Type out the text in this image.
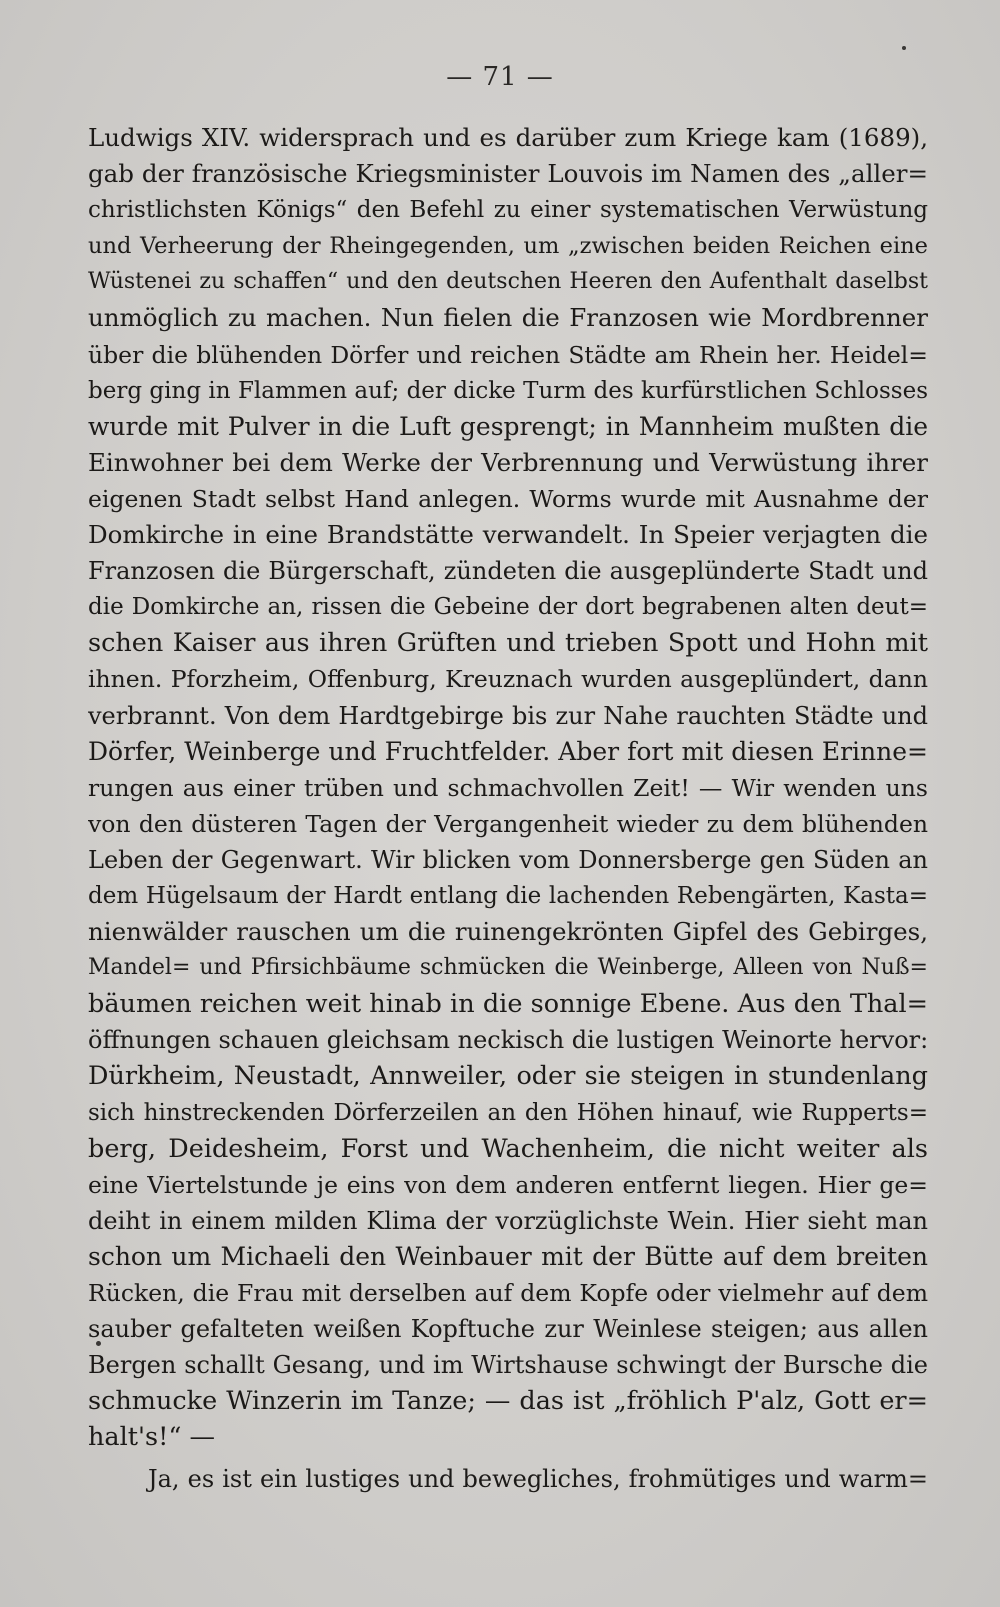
— 71 —
Ludwigs XIV. widersprach und es darüber zum Kriege kam (1689),
gab der französische Kriegsminister Louvois im Namen des „aller=
christlichsten Königs“ den Befehl zu einer systematischen Verwüstung
und Verheerung der Rheingegenden, um „zwischen beiden Reichen eine
Wüstenei zu schaffen“ und den deutschen Heeren den Aufenthalt daselbst
unmöglich zu machen. Nun fielen die Franzosen wie Mordbrenner
über die blühenden Dörfer und reichen Städte am Rhein her. Heidel=
berg ging in Flammen auf; der dicke Turm des kurfürstlichen Schlosses
wurde mit Pulver in die Luft gesprengt; in Mannheim mußten die
Einwohner bei dem Werke der Verbrennung und Verwüstung ihrer
eigenen Stadt selbst Hand anlegen. Worms wurde mit Ausnahme der
Domkirche in eine Brandstätte verwandelt. In Speier verjagten die
Franzosen die Bürgerschaft, zündeten die ausgeplünderte Stadt und
die Domkirche an, rissen die Gebeine der dort begrabenen alten deut=
schen Kaiser aus ihren Grüften und trieben Spott und Hohn mit
ihnen. Pforzheim, Offenburg, Kreuznach wurden ausgeplündert, dann
verbrannt. Von dem Hardtgebirge bis zur Nahe rauchten Städte und
Dörfer, Weinberge und Fruchtfelder. Aber fort mit diesen Erinne=
rungen aus einer trüben und schmachvollen Zeit! — Wir wenden uns
von den düsteren Tagen der Vergangenheit wieder zu dem blühenden
Leben der Gegenwart. Wir blicken vom Donnersberge gen Süden an
dem Hügelsaum der Hardt entlang die lachenden Rebengärten, Kasta=
nienwälder rauschen um die ruinengekrönten Gipfel des Gebirges,
Mandel= und Pfirsichbäume schmücken die Weinberge, Alleen von Nuß=
bäumen reichen weit hinab in die sonnige Ebene. Aus den Thal=
öffnungen schauen gleichsam neckisch die lustigen Weinorte hervor:
Dürkheim, Neustadt, Annweiler, oder sie steigen in stundenlang
sich hinstreckenden Dörferzeilen an den Höhen hinauf, wie Rupperts=
berg, Deidesheim, Forst und Wachenheim, die nicht weiter als
eine Viertelstunde je eins von dem anderen entfernt liegen. Hier ge=
deiht in einem milden Klima der vorzüglichste Wein. Hier sieht man
schon um Michaeli den Weinbauer mit der Bütte auf dem breiten
Rücken, die Frau mit derselben auf dem Kopfe oder vielmehr auf dem
sauber gefalteten weißen Kopftuche zur Weinlese steigen; aus allen
Bergen schallt Gesang, und im Wirtshause schwingt der Bursche die
schmucke Winzerin im Tanze; — das ist „fröhlich P'alz, Gott er=
halt's!“ —
Ja, es ist ein lustiges und bewegliches, frohmütiges und warm=
